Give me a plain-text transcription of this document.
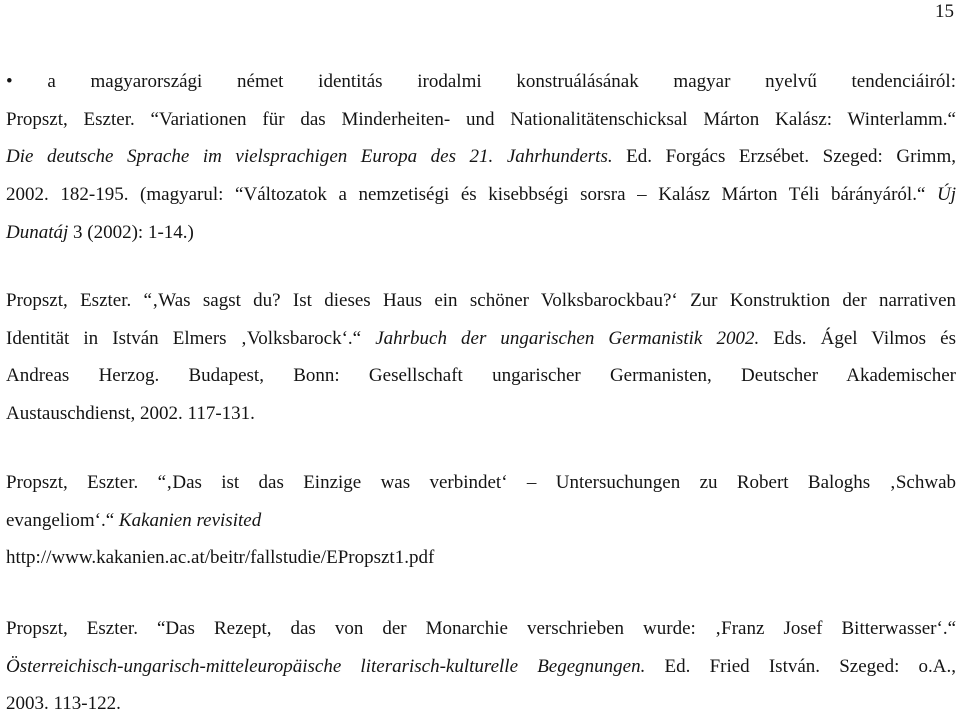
15
• a magyarországi német identitás irodalmi konstruálásának magyar nyelvű tendenciáiról:
Propszt, Eszter. “Variationen für das Minderheiten- und Nationalitätenschicksal Márton Kalász: Winterlamm.“
Die deutsche Sprache im vielsprachigen Europa des 21. Jahrhunderts. Ed. Forgács Erzsébet. Szeged: Grimm,
2002. 182-195. (magyarul: “Változatok a nemzetiségi és kisebbségi sorsra – Kalász Márton Téli bárányáról.“ Új
Dunatáj 3 (2002): 1-14.)
Propszt, Eszter. “‚Was sagst du? Ist dieses Haus ein schöner Volksbarockbau?‘ Zur Konstruktion der narrativen
Identität in István Elmers ‚Volksbarock‘.“ Jahrbuch der ungarischen Germanistik 2002. Eds. Ágel Vilmos és
Andreas Herzog. Budapest, Bonn: Gesellschaft ungarischer Germanisten, Deutscher Akademischer
Austauschdienst, 2002. 117-131.
Propszt, Eszter. “‚Das ist das Einzige was verbindet‘ – Untersuchungen zu Robert Baloghs ‚Schwab
evangeliom‘.“ Kakanien revisited
http://www.kakanien.ac.at/beitr/fallstudie/EPropszt1.pdf
Propszt, Eszter. “Das Rezept, das von der Monarchie verschrieben wurde: ‚Franz Josef Bitterwasser‘.“
Österreichisch-ungarisch-mitteleuropäische literarisch-kulturelle Begegnungen. Ed. Fried István. Szeged: o.A.,
2003. 113-122.
